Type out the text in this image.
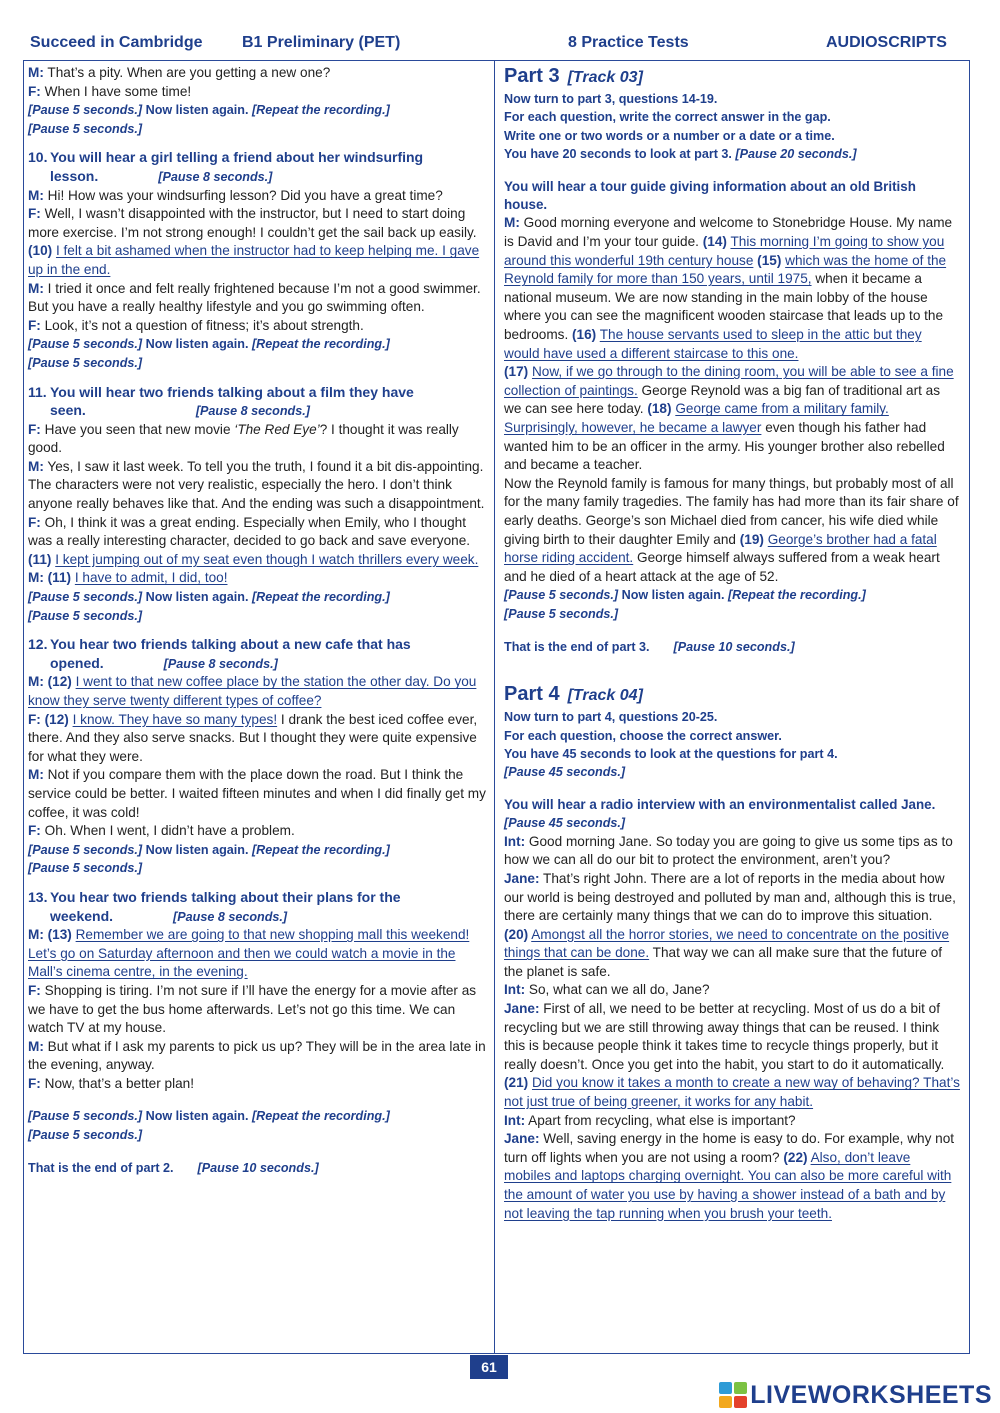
Succeed in Cambridge B1 Preliminary (PET)	8 Practice Tests	AUDIOSCRIPTS

M: That’s a pity. When are you getting a new one?

F: When I have some time!

[Pause 5 seconds.] Now listen again. [Repeat the recording.]

[Pause 5 seconds.]

10. You will hear a girl telling a friend about her windsurfing
lesson.	[Pause 8 seconds.]

M: Hi! How was your windsurfing lesson? Did you have a great time?

F: Well, I wasn’t disappointed with the instructor, but I need to start doing more exercise. I’m not strong enough! I couldn’t get the sail back up easily. (10) I felt a bit ashamed when the instructor had to keep helping me. I gave up in the end.

M: I tried it once and felt really frightened because I’m not a good swimmer. But you have a really healthy lifestyle and you go swimming often.

F: Look, it’s not a question of fitness; it’s about strength.

[Pause 5 seconds.] Now listen again. [Repeat the recording.]

[Pause 5 seconds.]

11. You will hear two friends talking about a film they have
seen.	[Pause 8 seconds.]

F: Have you seen that new movie ‘The Red Eye’? I thought it was really good.

M: Yes, I saw it last week. To tell you the truth, I found it a bit dis-appointing. The characters were not very realistic, especially the hero. I don’t think anyone really behaves like that. And the ending was such a disappointment.

F: Oh, I think it was a great ending. Especially when Emily, who I thought was a really interesting character, decided to go back and save everyone. (11) I kept jumping out of my seat even though I watch thrillers every week.

M: (11) I have to admit, I did, too!

[Pause 5 seconds.] Now listen again. [Repeat the recording.]

[Pause 5 seconds.]

12. You hear two friends talking about a new cafe that has
opened.	[Pause 8 seconds.]

M: (12) I went to that new coffee place by the station the other day. Do you know they serve twenty different types of coffee?

F: (12) I know. They have so many types! I drank the best iced coffee ever, there. And they also serve snacks. But I thought they were quite expensive for what they were.

M: Not if you compare them with the place down the road. But I think the service could be better. I waited fifteen minutes and when I did finally get my coffee, it was cold!

F: Oh. When I went, I didn’t have a problem.

[Pause 5 seconds.] Now listen again. [Repeat the recording.]

[Pause 5 seconds.]

13. You hear two friends talking about their plans for the
weekend.	[Pause 8 seconds.]

M: (13) Remember we are going to that new shopping mall this weekend! Let’s go on Saturday afternoon and then we could watch a movie in the Mall’s cinema centre, in the evening.

F: Shopping is tiring. I’m not sure if I’ll have the energy for a movie after as we have to get the bus home afterwards. Let’s not go this time. We can watch TV at my house.

M: But what if I ask my parents to pick us up? They will be in the area late in the evening, anyway.

F: Now, that’s a better plan!

[Pause 5 seconds.] Now listen again. [Repeat the recording.]

[Pause 5 seconds.]

That is the end of part 2. [Pause 10 seconds.]

Part 3 [Track 03]

Now turn to part 3, questions 14-19.

For each question, write the correct answer in the gap.

Write one or two words or a number or a date or a time.

You have 20 seconds to look at part 3. [Pause 20 seconds.]

You will hear a tour guide giving information about an old British house.

M: Good morning everyone and welcome to Stonebridge House. My name is David and I’m your tour guide. (14) This morning I’m going to show you around this wonderful 19th century house (15) which was the home of the Reynold family for more than 150 years, until 1975, when it became a national museum. We are now standing in the main lobby of the house where you can see the magnificent wooden staircase that leads up to the bedrooms. (16) The house servants used to sleep in the attic but they would have used a different staircase to this one.

(17) Now, if we go through to the dining room, you will be able to see a fine collection of paintings. George Reynold was a big fan of traditional art as we can see here today. (18) George came from a military family. Surprisingly, however, he became a lawyer even though his father had wanted him to be an officer in the army. His younger brother also rebelled and became a teacher.

Now the Reynold family is famous for many things, but probably most of all for the many family tragedies. The family has had more than its fair share of early deaths. George’s son Michael died from cancer, his wife died while giving birth to their daughter Emily and (19) George’s brother had a fatal horse riding accident. George himself always suffered from a weak heart and he died of a heart attack at the age of 52.

[Pause 5 seconds.] Now listen again. [Repeat the recording.]

[Pause 5 seconds.]

That is the end of part 3. [Pause 10 seconds.]

Part 4 [Track 04]

Now turn to part 4, questions 20-25.

For each question, choose the correct answer.

You have 45 seconds to look at the questions for part 4.

[Pause 45 seconds.]

You will hear a radio interview with an environmentalist called Jane.

[Pause 45 seconds.]

Int: Good morning Jane. So today you are going to give us some tips as to how we can all do our bit to protect the environment, aren’t you?

Jane: That’s right John. There are a lot of reports in the media about how our world is being destroyed and polluted by man and, although this is true, there are certainly many things that we can do to improve this situation. (20) Amongst all the horror stories, we need to concentrate on the positive things that can be done. That way we can all make sure that the future of the planet is safe.

Int: So, what can we all do, Jane?

Jane: First of all, we need to be better at recycling. Most of us do a bit of recycling but we are still throwing away things that can be reused. I think this is because people think it takes time to recycle things properly, but it really doesn’t. Once you get into the habit, you start to do it automatically. (21) Did you know it takes a month to create a new way of behaving? That’s not just true of being greener, it works for any habit.

Int: Apart from recycling, what else is important?

Jane: Well, saving energy in the home is easy to do. For example, why not turn off lights when you are not using a room? (22) Also, don’t leave mobiles and laptops charging overnight. You can also be more careful with the amount of water you use by having a shower instead of a bath and by not leaving the tap running when you brush your teeth.

61
LIVEWORKSHEETS
